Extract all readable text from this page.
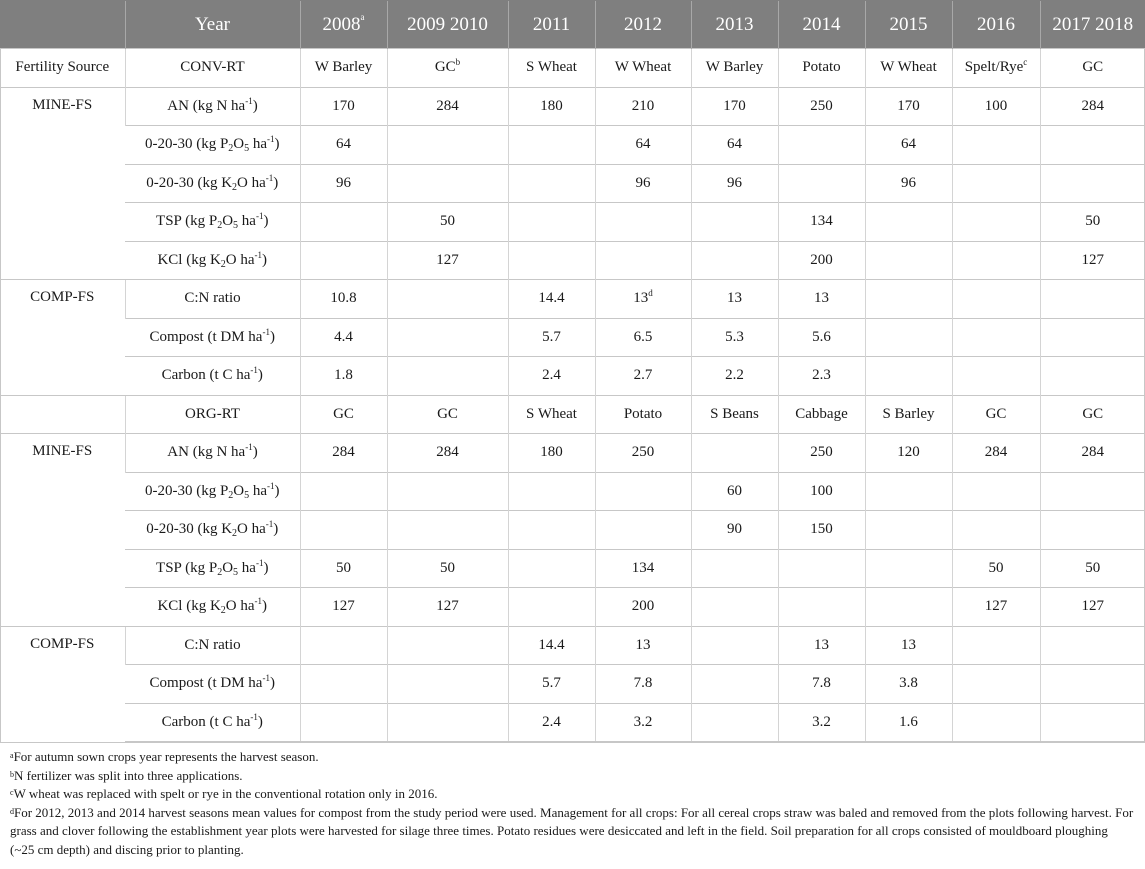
	Year	2008$^a$	2009 2010	2011	2012	2013	2014	2015	2016	2017 2018
Fertility Source	CONV-RT	W Barley	$GC^b$	S Wheat	W Wheat	W Barley	Potato	W Wheat	Spelt/Rye$^c$	GC
MINE-FS	AN (kg N $ha^{-1}$)	170	284	180	210	170	250	170	100	284
	0-20-30 (kg $P_2O_5$ $ha^{-1}$)	64			64	64		64		
	0-20-30 (kg $K_2O$ $ha^{-1}$)	96			96	96		96		
	TSP (kg $P_2O_5$ $ha^{-1}$)		50				134			50
	KCl (kg $K_2O$ $ha^{-1}$)		127				200			127
COMP-FS	C:N ratio	10.8		14.4	13$^d$	13	13			
	Compost (t DM $ha^{-1}$)	4.4		5.7	6.5	5.3	5.6			
	Carbon (t C $ha^{-1}$)	1.8		2.4	2.7	2.2	2.3			
	ORG-RT	GC	GC	S Wheat	Potato	S Beans	Cabbage	S Barley	GC	GC
MINE-FS	AN (kg N $ha^{-1}$)	284	284	180	250		250	120	284	284
	0-20-30 (kg $P_2O_5$ $ha^{-1}$)					60	100			
	0-20-30 (kg $K_2O$ $ha^{-1}$)					90	150			
	TSP (kg $P_2O_5$ $ha^{-1}$)	50	50		134				50	50
	KCl (kg $K_2O$ $ha^{-1}$)	127	127		200				127	127
COMP-FS	C:N ratio			14.4	13		13	13		
	Compost (t DM $ha^{-1}$)			5.7	7.8		7.8	3.8		
	Carbon (t C $ha^{-1}$)			2.4	3.2		3.2	1.6		

$^a$For autumn sown crops year represents the harvest season.

$^b$N fertilizer was split into three applications.

$^c$W wheat was replaced with spelt or rye in the conventional rotation only in 2016.

$^d$For 2012, 2013 and 2014 harvest seasons mean values for compost from the study period were used. Management for all crops: For all cereal crops straw was baled and removed from the plots following harvest. For grass and clover following the establishment year plots were harvested for silage three times. Potato residues were desiccated and left in the field. Soil preparation for all crops consisted of mouldboard ploughing (~25 cm depth) and discing prior to planting.
